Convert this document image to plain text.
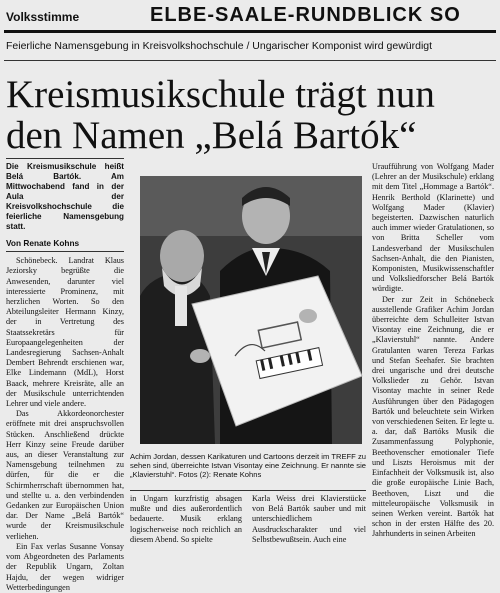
Volksstimme	ELBE-SAALE-RUNDBLICK SO
Feierliche Namensgebung in Kreisvolkshochschule / Ungarischer Komponist wird gewürdigt
Kreismusikschule trägt nun
den Namen „Belá Bartók“
Die Kreismusikschule heißt Belá Bartók. Am Mittwochabend fand in der Aula der Kreisvolkshochschule die feierliche Namensgebung statt.
Von Renate Kohns

Schönebeck. Landrat Klaus Jeziorsky begrüßte die Anwesenden, darunter viel interessierte Prominenz, mit herzlichen Worten. So den Abteilungsleiter Hermann Kinzy, der in Vertretung des Staatssekretärs für Europaangelegenheiten der Landesregierung Sachsen-Anhalt Dembert Behrendt erschienen war, Elke Lindemann (MdL), Horst Baack, mehrere Kreisräte, alle an der Musikschule unterrichtenden Lehrer und viele andere.

Das Akkordeonorchester eröffnete mit drei anspruchsvollen Stücken. Anschließend drückte Herr Kinzy seine Freude darüber aus, an dieser Veranstaltung zur Namensgebung teilnehmen zu dürfen, für die er die Schirmherrschaft übernommen hat, und stellte u. a. den verbindenden Gedanken zur Europäischen Union dar. Der Name „Belá Bartók“ wurde der Kreismusikschule verliehen.

Ein Fax verlas Susanne Vonsay vom Abgeordneten des Parlaments der Republik Ungarn, Zoltan Hajdu, der wegen widriger Wetterbedingungen

Achim Jordan, dessen Karikaturen und Cartoons derzeit im TREFF zu sehen sind, überreichte Istvan Visontay eine Zeichnung. Er nannte sie „Klavierstuhl“. Fotos (2): Renate Kohns

in Ungarn kurzfristig absagen mußte und dies außerordentlich bedauerte. Musik erklang logischerweise noch reichlich an diesem Abend. So spielte

Karla Weiss drei Klavierstücke von Belá Bartók sauber und mit unterschiedlichem Ausdruckscharakter und viel Selbstbewußtsein. Auch eine

Uraufführung von Wolfgang Mader (Lehrer an der Musikschule) erklang mit dem Titel „Hommage a Bartók“. Henrik Berthold (Klarinette) und Wolfgang Mader (Klavier) begeisterten. Dazwischen naturlich auch immer wieder Gratulationen, so von Britta Scheller vom Landesverband der Musikschulen Sachsen-Anhalt, die den Pianisten, Komponisten, Musikwissenschaftler und Volksliedforscher Belá Bartók würdigte.

Der zur Zeit in Schönebeck ausstellende Grafiker Achim Jordan überreichte dem Schulleiter Istvan Visontay eine Zeichnung, die er „Klavierstuhl“ nannte. Andere Gratulanten waren Tereza Farkas und Stefan Seehafer. Sie brachten drei ungarische und drei deutsche Volkslieder zu Gehör. Istvan Visontay machte in seiner Rede Ausführungen über den Pädagogen Bartók und beleuchtete sein Wirken von verschiedenen Seiten. Er legte u. a. dar, daß Bartóks Musik die Zusammenfassung Polyphonie, Beethovenscher emotionaler Tiefe und Liszts Heroismus mit der Einfachheit der Volksmusik ist, also die große europäische Linie Bach, Beethoven, Liszt und die mitteleuropäische Volksmusik in seinen Werken vereint. Bartók hat schon in der ersten Hälfte des 20. Jahrhunderts in seinen Arbeiten
